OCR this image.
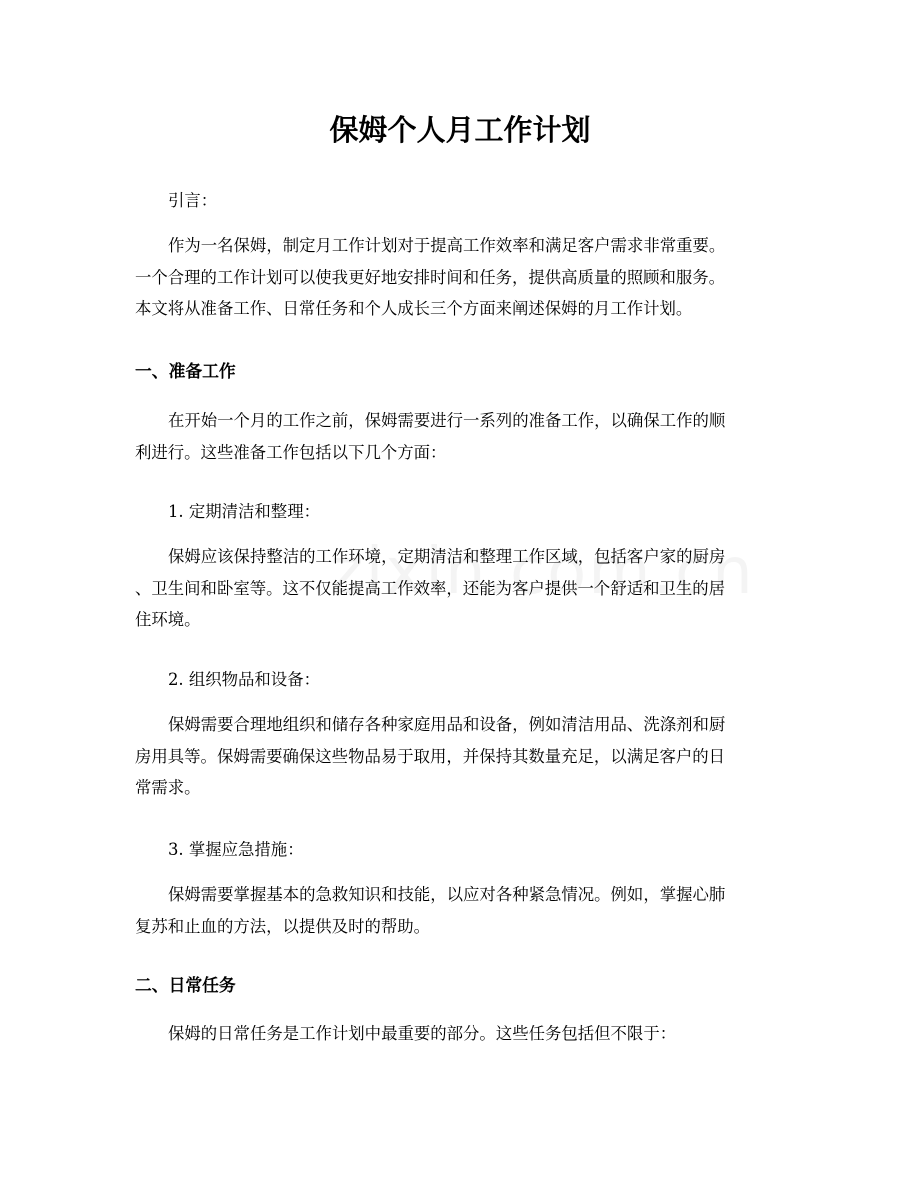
保姆个人月工作计划

引言：

作为一名保姆，制定月工作计划对于提高工作效率和满足客户需求非常重要。
一个合理的工作计划可以使我更好地安排时间和任务，提供高质量的照顾和服务。
本文将从准备工作、日常任务和个人成长三个方面来阐述保姆的月工作计划。

一、准备工作

在开始一个月的工作之前，保姆需要进行一系列的准备工作，以确保工作的顺
利进行。这些准备工作包括以下几个方面：

1. 定期清洁和整理：

保姆应该保持整洁的工作环境，定期清洁和整理工作区域，包括客户家的厨房
、卫生间和卧室等。这不仅能提高工作效率，还能为客户提供一个舒适和卫生的居
住环境。

2. 组织物品和设备：

保姆需要合理地组织和储存各种家庭用品和设备，例如清洁用品、洗涤剂和厨
房用具等。保姆需要确保这些物品易于取用，并保持其数量充足，以满足客户的日
常需求。

3. 掌握应急措施：

保姆需要掌握基本的急救知识和技能，以应对各种紧急情况。例如，掌握心肺
复苏和止血的方法，以提供及时的帮助。

二、日常任务

保姆的日常任务是工作计划中最重要的部分。这些任务包括但不限于：
